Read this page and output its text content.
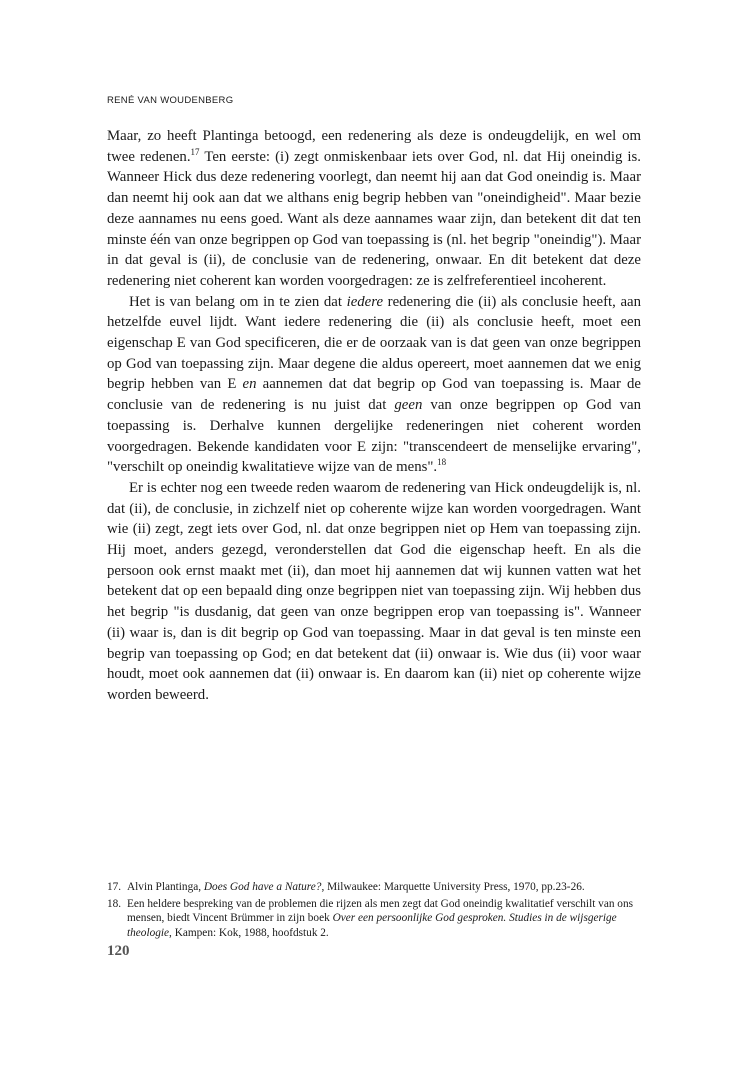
RENÉ VAN WOUDENBERG

Maar, zo heeft Plantinga betoogd, een redenering als deze is ondeugdelijk, en wel om twee redenen.$^{17}$ Ten eerste: (i) zegt onmiskenbaar iets over God, nl. dat Hij oneindig is. Wanneer Hick dus deze redenering voorlegt, dan neemt hij aan dat God oneindig is. Maar dan neemt hij ook aan dat we althans enig begrip hebben van "oneindigheid". Maar bezie deze aannames nu eens goed. Want als deze aannames waar zijn, dan betekent dit dat ten minste één van onze begrippen op God van toepassing is (nl. het begrip "oneindig"). Maar in dat geval is (ii), de conclusie van de redenering, onwaar. En dit betekent dat deze redenering niet coherent kan worden voorgedragen: ze is zelfreferentieel incoherent.

Het is van belang om in te zien dat iedere redenering die (ii) als conclusie heeft, aan hetzelfde euvel lijdt. Want iedere redenering die (ii) als conclusie heeft, moet een eigenschap E van God specificeren, die er de oorzaak van is dat geen van onze begrippen op God van toepassing zijn. Maar degene die aldus opereert, moet aannemen dat we enig begrip hebben van E en aannemen dat dat begrip op God van toepassing is. Maar de conclusie van de redenering is nu juist dat geen van onze begrippen op God van toepassing is. Derhalve kunnen dergelijke redeneringen niet coherent worden voorgedragen. Bekende kandidaten voor E zijn: "transcendeert de menselijke ervaring", "verschilt op oneindig kwalitatieve wijze van de mens".$^{18}$

Er is echter nog een tweede reden waarom de redenering van Hick ondeugdelijk is, nl. dat (ii), de conclusie, in zichzelf niet op coherente wijze kan worden voorgedragen. Want wie (ii) zegt, zegt iets over God, nl. dat onze begrippen niet op Hem van toepassing zijn. Hij moet, anders gezegd, veronderstellen dat God die eigenschap heeft. En als die persoon ook ernst maakt met (ii), dan moet hij aannemen dat wij kunnen vatten wat het betekent dat op een bepaald ding onze begrippen niet van toepassing zijn. Wij hebben dus het begrip "is dusdanig, dat geen van onze begrippen erop van toepassing is". Wanneer (ii) waar is, dan is dit begrip op God van toepassing. Maar in dat geval is ten minste een begrip van toepassing op God; en dat betekent dat (ii) onwaar is. Wie dus (ii) voor waar houdt, moet ook aannemen dat (ii) onwaar is. En daarom kan (ii) niet op coherente wijze worden beweerd.

17. Alvin Plantinga, Does God have a Nature?, Milwaukee: Marquette University Press, 1970, pp.23-26.
18. Een heldere bespreking van de problemen die rijzen als men zegt dat God oneindig kwalitatief verschilt van ons mensen, biedt Vincent Brümmer in zijn boek Over een persoonlijke God gesproken. Studies in de wijsgerige theologie, Kampen: Kok, 1988, hoofdstuk 2.
120
